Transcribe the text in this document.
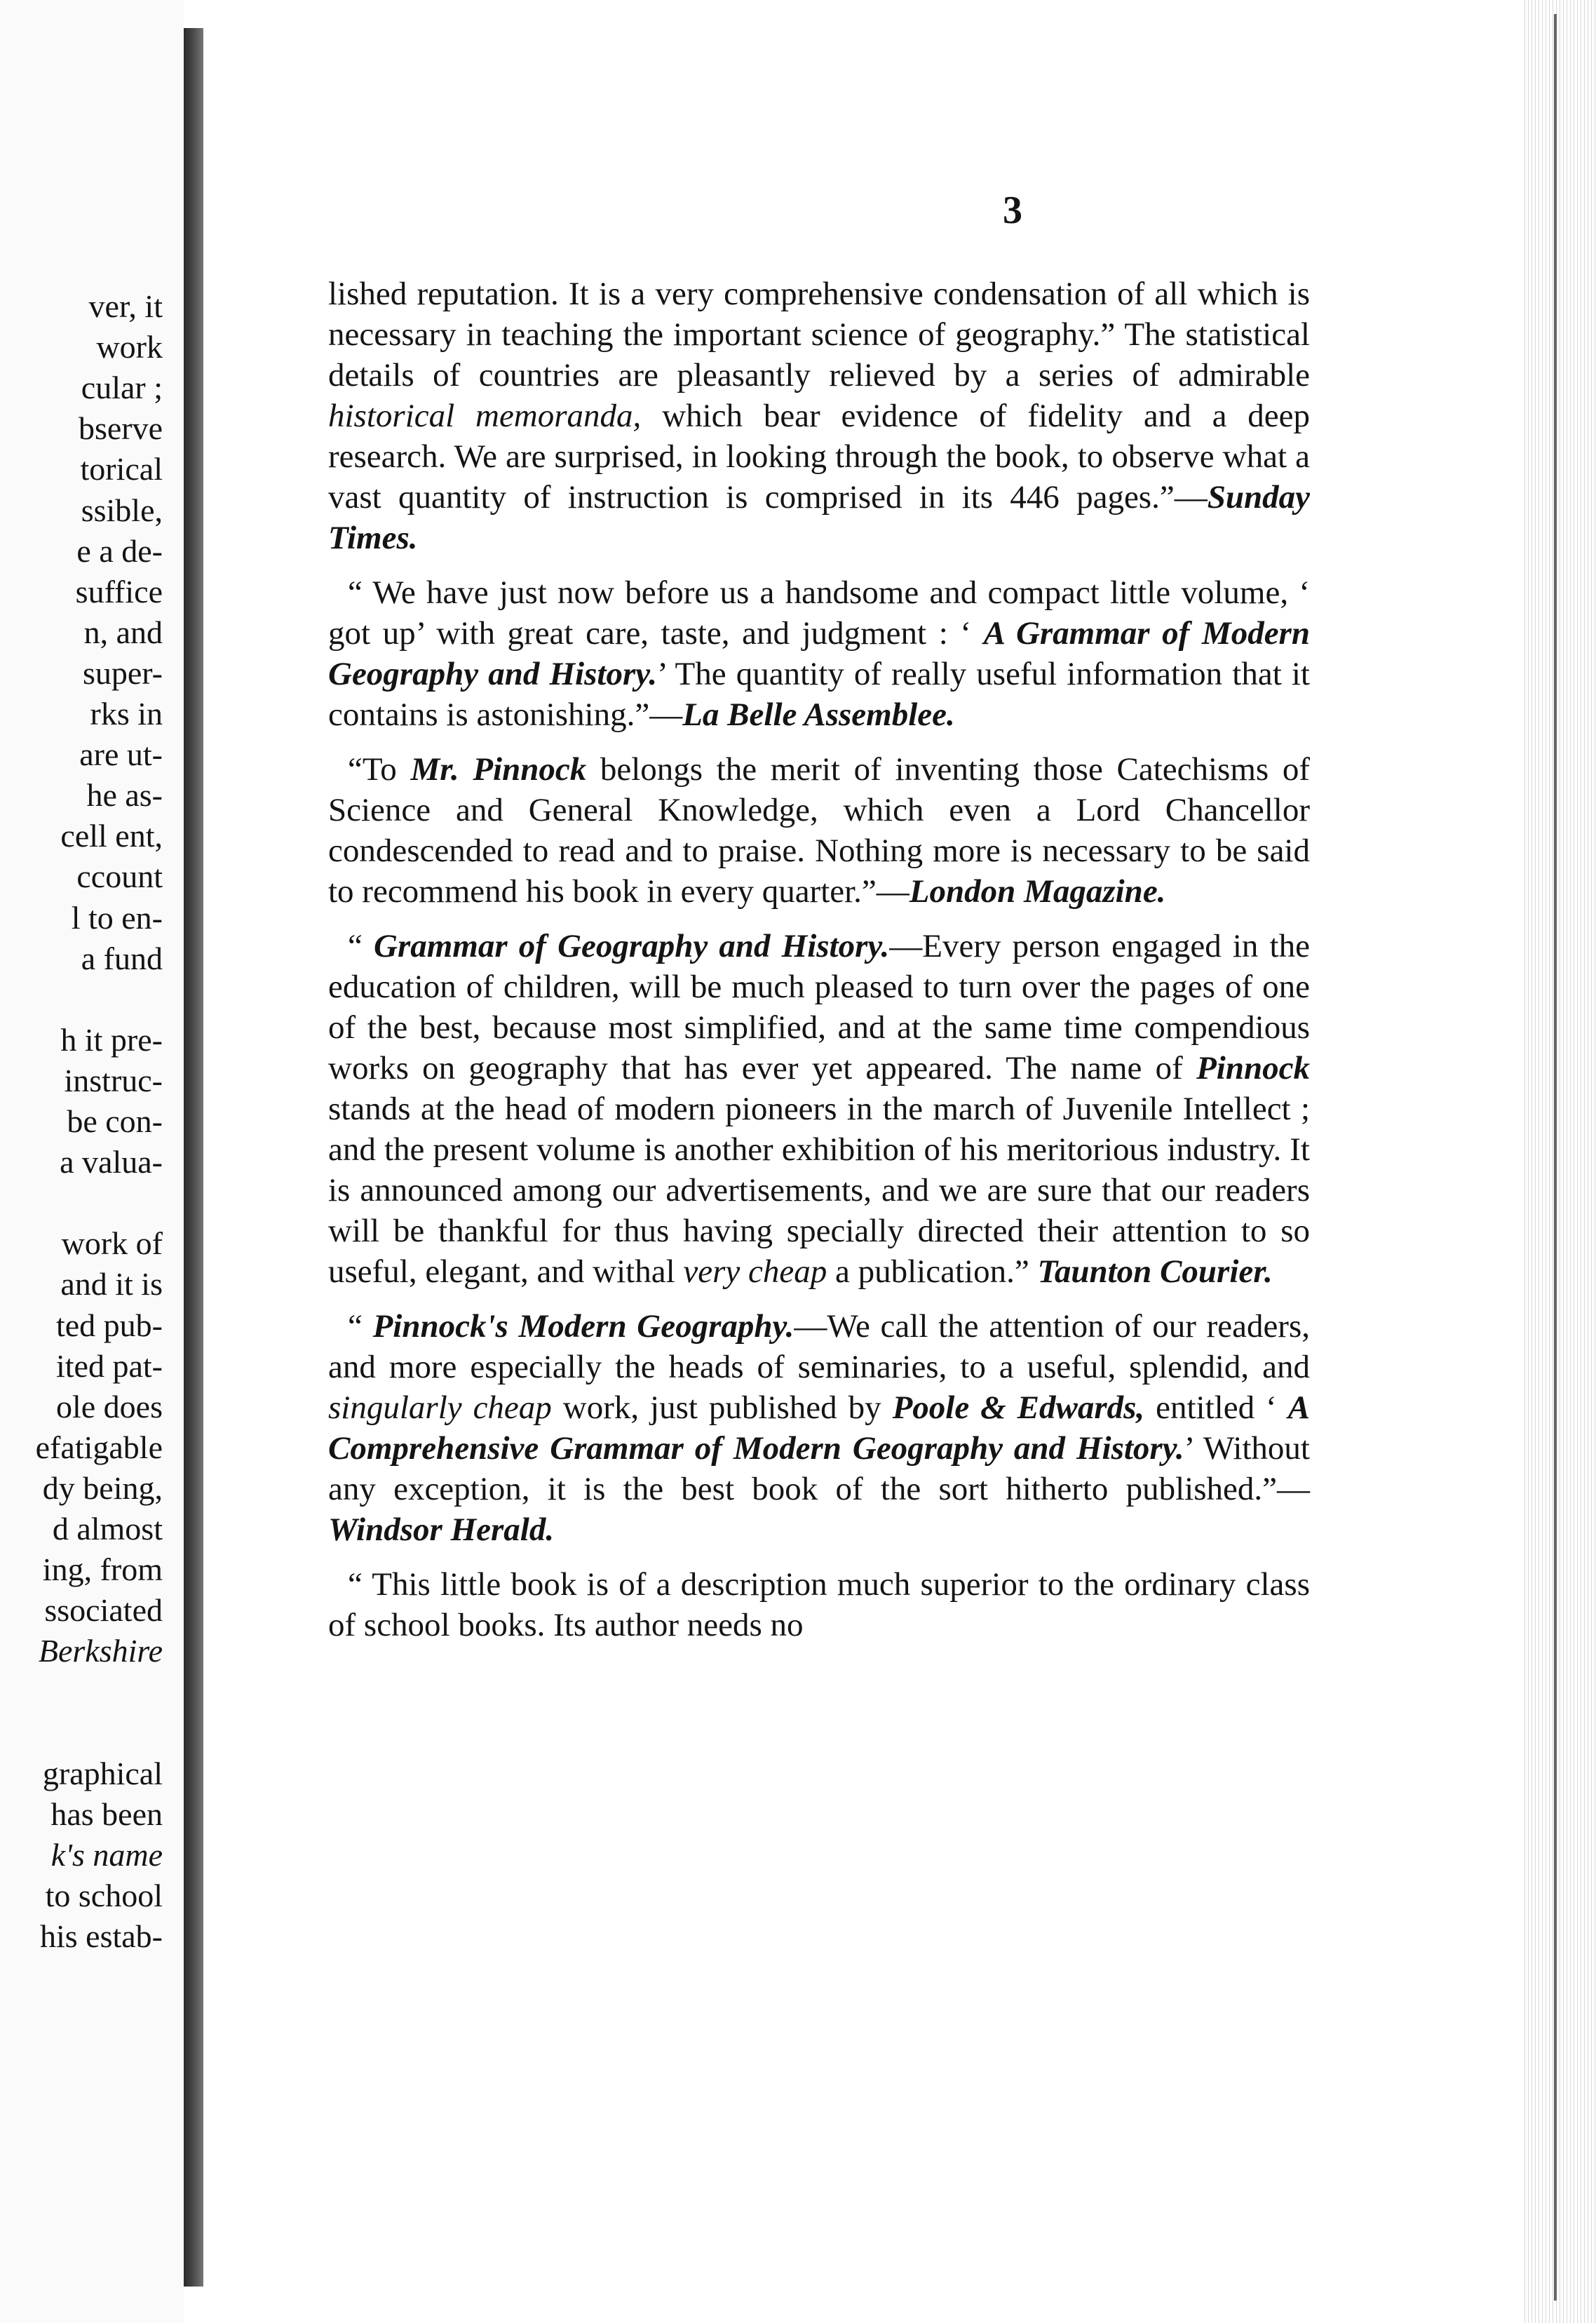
ver, it
work
cular ;
bserve
torical
ssible,
e a de-
suffice
n, and
super-
rks in
are ut-
he as-
cell ent,
ccount
l to en-
a fund
h it pre-
instruc-
be con-
a valua-
work of
and it is
ted pub-
ited pat-
ole does
efatigable
dy being,
d almost
ing, from
ssociated
Berkshire
graphical
has been
k's name
to school
his estab-
3

lished reputation. It is a very comprehensive condensation of all which is necessary in teaching the important science of geography.” The statistical details of countries are pleasantly relieved by a series of admirable historical memoranda, which bear evidence of fidelity and a deep research. We are surprised, in looking through the book, to observe what a vast quantity of instruction is comprised in its 446 pages.”—Sunday Times.

“ We have just now before us a handsome and compact little volume, ‘ got up’ with great care, taste, and judgment : ‘ A Grammar of Modern Geography and History.’ The quantity of really useful information that it contains is astonishing.”—La Belle Assemblee.

“To Mr. Pinnock belongs the merit of inventing those Catechisms of Science and General Knowledge, which even a Lord Chancellor condescended to read and to praise. Nothing more is necessary to be said to recommend his book in every quarter.”—London Magazine.

“ Grammar of Geography and History.—Every person engaged in the education of children, will be much pleased to turn over the pages of one of the best, because most simplified, and at the same time compendious works on geography that has ever yet appeared. The name of Pinnock stands at the head of modern pioneers in the march of Juvenile Intellect ; and the present volume is another exhibition of his meritorious industry. It is announced among our advertisements, and we are sure that our readers will be thankful for thus having specially directed their attention to so useful, elegant, and withal very cheap a publication.” Taunton Courier.

“ Pinnock's Modern Geography.—We call the attention of our readers, and more especially the heads of seminaries, to a useful, splendid, and singularly cheap work, just published by Poole & Edwards, entitled ‘ A Comprehensive Grammar of Modern Geography and History.’ Without any exception, it is the best book of the sort hitherto published.”—Windsor Herald.

“ This little book is of a description much superior to the ordinary class of school books. Its author needs no
